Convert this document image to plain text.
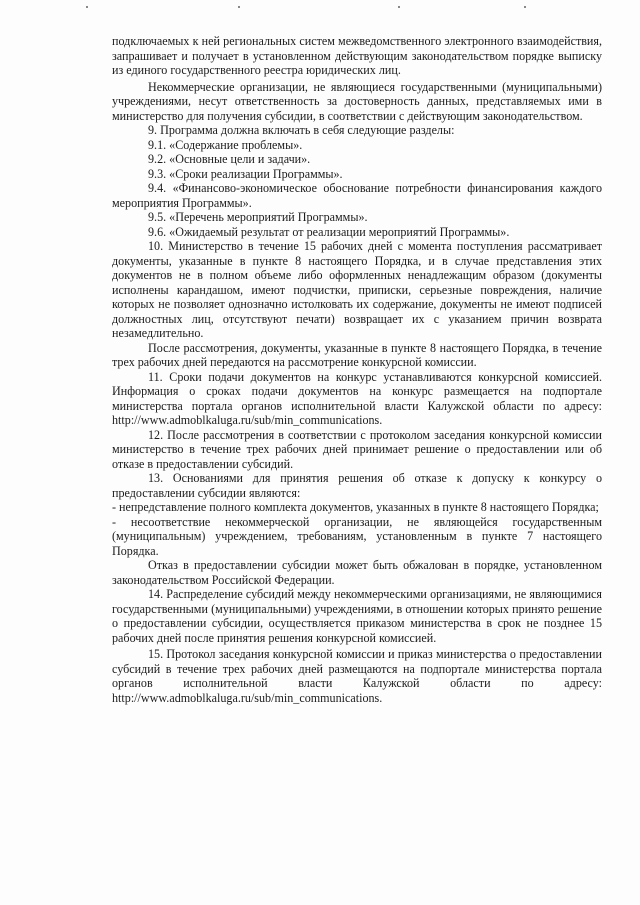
подключаемых к ней региональных систем межведомственного электронного взаимодействия, запрашивает и получает в установленном действующим законодательством порядке выписку из единого государственного реестра юридических лиц.

Некоммерческие организации, не являющиеся государственными (муниципальными) учреждениями, несут ответственность за достоверность данных, представляемых ими в министерство для получения субсидии, в соответствии с действующим законодательством.

9. Программа должна включать в себя следующие разделы:

9.1. «Содержание проблемы».

9.2. «Основные цели и задачи».

9.3. «Сроки реализации Программы».

9.4. «Финансово-экономическое обоснование потребности финансирования каждого мероприятия Программы».

9.5. «Перечень мероприятий Программы».

9.6. «Ожидаемый результат от реализации мероприятий Программы».

10. Министерство в течение 15 рабочих дней с момента поступления рассматривает документы, указанные в пункте 8 настоящего Порядка, и в случае представления этих документов не в полном объеме либо оформленных ненадлежащим образом (документы исполнены карандашом, имеют подчистки, приписки, серьезные повреждения, наличие которых не позволяет однозначно истолковать их содержание, документы не имеют подписей должностных лиц, отсутствуют печати) возвращает их с указанием причин возврата незамедлительно.

После рассмотрения, документы, указанные в пункте 8 настоящего Порядка, в течение трех рабочих дней передаются на рассмотрение конкурсной комиссии.

11. Сроки подачи документов на конкурс устанавливаются конкурсной комиссией. Информация о сроках подачи документов на конкурс размещается на подпортале министерства портала органов исполнительной власти Калужской области по адресу: http://www.admoblkaluga.ru/sub/min_communications.

12. После рассмотрения в соответствии с протоколом заседания конкурсной комиссии министерство в течение трех рабочих дней принимает решение о предоставлении или об отказе в предоставлении субсидий.

13. Основаниями для принятия решения об отказе к допуску к конкурсу о предоставлении субсидии являются:

- непредставление полного комплекта документов, указанных в пункте 8 настоящего Порядка;

- несоответствие некоммерческой организации, не являющейся государственным (муниципальным) учреждением, требованиям, установленным в пункте 7 настоящего Порядка.

Отказ в предоставлении субсидии может быть обжалован в порядке, установленном законодательством Российской Федерации.

14. Распределение субсидий между некоммерческими организациями, не являющимися государственными (муниципальными) учреждениями, в отношении которых принято решение о предоставлении субсидии, осуществляется приказом министерства в срок не позднее 15 рабочих дней после принятия решения конкурсной комиссией.

15. Протокол заседания конкурсной комиссии и приказ министерства о предоставлении субсидий в течение трех рабочих дней размещаются на подпортале министерства портала органов исполнительной власти Калужской области по адресу: http://www.admoblkaluga.ru/sub/min_communications.
